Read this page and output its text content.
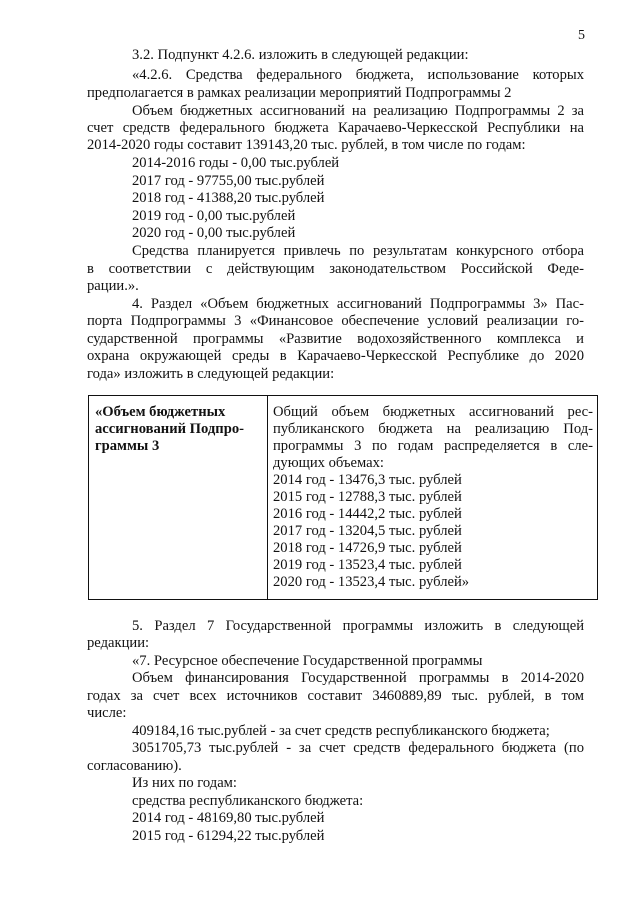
5
3.2. Подпункт 4.2.6. изложить в следующей редакции:
«4.2.6. Средства федерального бюджета, использование которых
предполагается в рамках реализации мероприятий Подпрограммы 2
Объем бюджетных ассигнований на реализацию Подпрограммы 2 за
счет средств федерального бюджета Карачаево-Черкесской Республики на
2014-2020 годы составит 139143,20 тыс. рублей, в том числе по годам:
2014-2016 годы - 0,00 тыс.рублей
2017 год - 97755,00 тыс.рублей
2018 год - 41388,20 тыс.рублей
2019 год - 0,00 тыс.рублей
2020 год - 0,00 тыс.рублей
Средства планируется привлечь по результатам конкурсного отбора
в соответствии с действующим законодательством Российской Феде-
рации.».
4. Раздел «Объем бюджетных ассигнований Подпрограммы 3» Пас-
порта Подпрограммы 3 «Финансовое обеспечение условий реализации го-
сударственной программы «Развитие водохозяйственного комплекса и
охрана окружающей среды в Карачаево-Черкесской Республике до 2020
года» изложить в следующей редакции:
«Объем бюджетных
ассигнований Подпро-
граммы 3
Общий объем бюджетных ассигнований рес-
публиканского бюджета на реализацию Под-
программы 3 по годам распределяется в сле-
дующих объемах:
2014 год - 13476,3 тыс. рублей
2015 год - 12788,3 тыс. рублей
2016 год - 14442,2 тыс. рублей
2017 год - 13204,5 тыс. рублей
2018 год - 14726,9 тыс. рублей
2019 год - 13523,4 тыс. рублей
2020 год - 13523,4 тыс. рублей»
5. Раздел 7 Государственной программы изложить в следующей
редакции:
«7. Ресурсное обеспечение Государственной программы
Объем финансирования Государственной программы в 2014-2020
годах за счет всех источников составит 3460889,89 тыс. рублей, в том
числе:
409184,16 тыс.рублей - за счет средств республиканского бюджета;
3051705,73 тыс.рублей - за счет средств федерального бюджета (по
согласованию).
Из них по годам:
средства республиканского бюджета:
2014 год - 48169,80 тыс.рублей
2015 год - 61294,22 тыс.рублей
